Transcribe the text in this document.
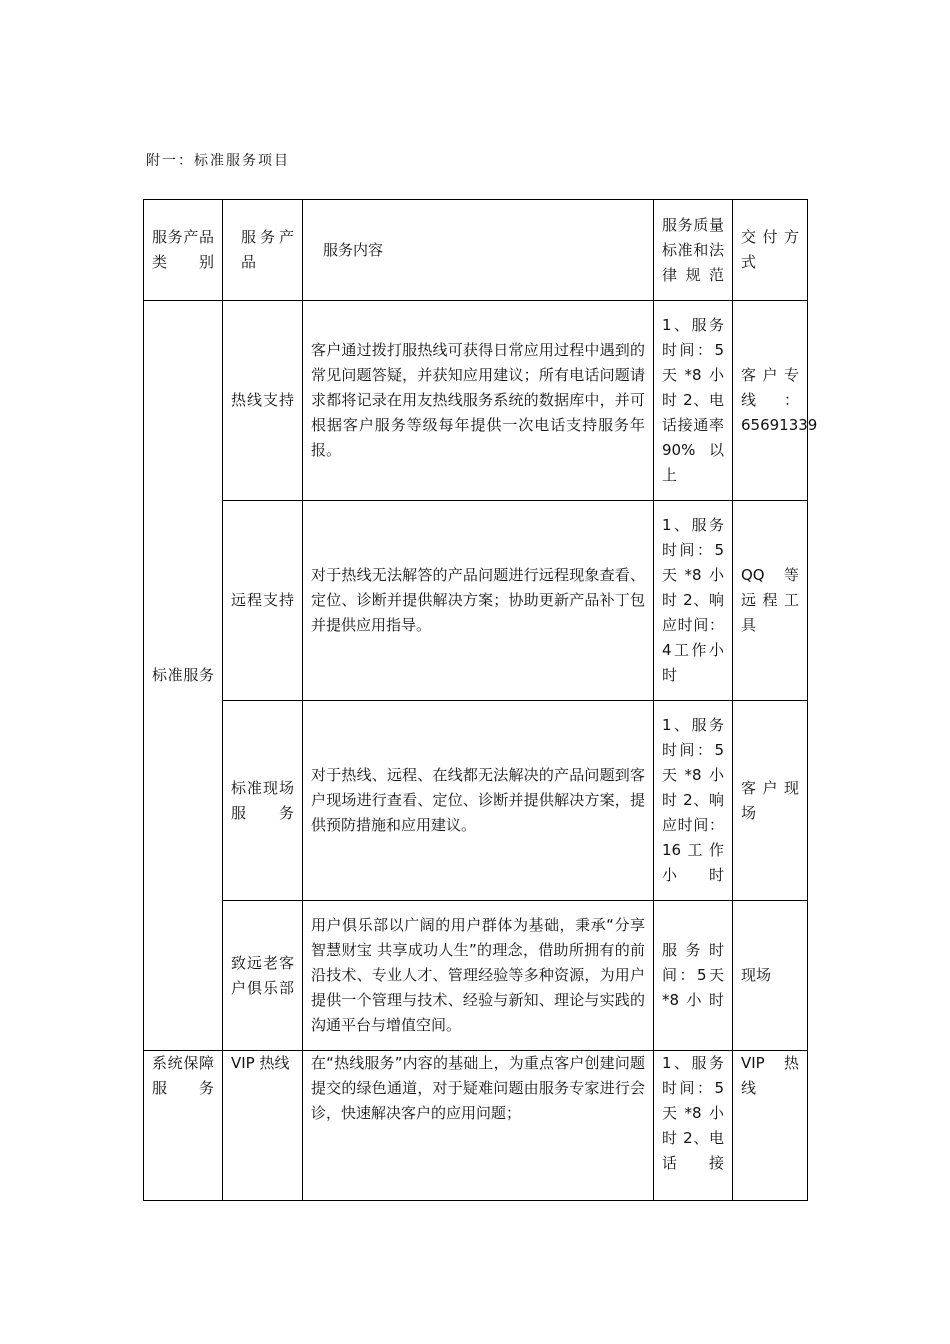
附一：标准服务项目
服务产品类别	服务产品	服务内容	服务质量标准和法律规范	交付方式
标准服务	热线支持	客户通过拨打服热线可获得日常应用过程中遇到的常见问题答疑，并获知应用建议；所有电话问题请求都将记录在用友热线服务系统的数据库中，并可根据客户服务等级每年提供一次电话支持服务年报。	1、服务时间：5天*8小时 2、电话接通率90% 以上	客户专线：65691339
	远程支持	对于热线无法解答的产品问题进行远程现象查看、定位、诊断并提供解决方案；协助更新产品补丁包并提供应用指导。	1、服务时间：5天*8小时 2、响应时间：4工作小时	QQ 等远程工具
	标准现场服务	对于热线、远程、在线都无法解决的产品问题到客户现场进行查看、定位、诊断并提供解决方案，提供预防措施和应用建议。	1、服务时间：5天*8小时 2、响应时间：16工作小时	客户现场
	致远老客户俱乐部	用户俱乐部以广阔的用户群体为基础，秉承“分享智慧财宝 共享成功人生”的理念，借助所拥有的前沿技术、专业人才、管理经验等多种资源，为用户提供一个管理与技术、经验与新知、理论与实践的沟通平台与增值空间。	服务时间：5天*8小时	现场
系统保障服务	VIP 热线	在“热线服务”内容的基础上，为重点客户创建问题提交的绿色通道，对于疑难问题由服务专家进行会诊，快速解决客户的应用问题；	1、服务时间：5天*8小时 2、电话接	VIP 热线
